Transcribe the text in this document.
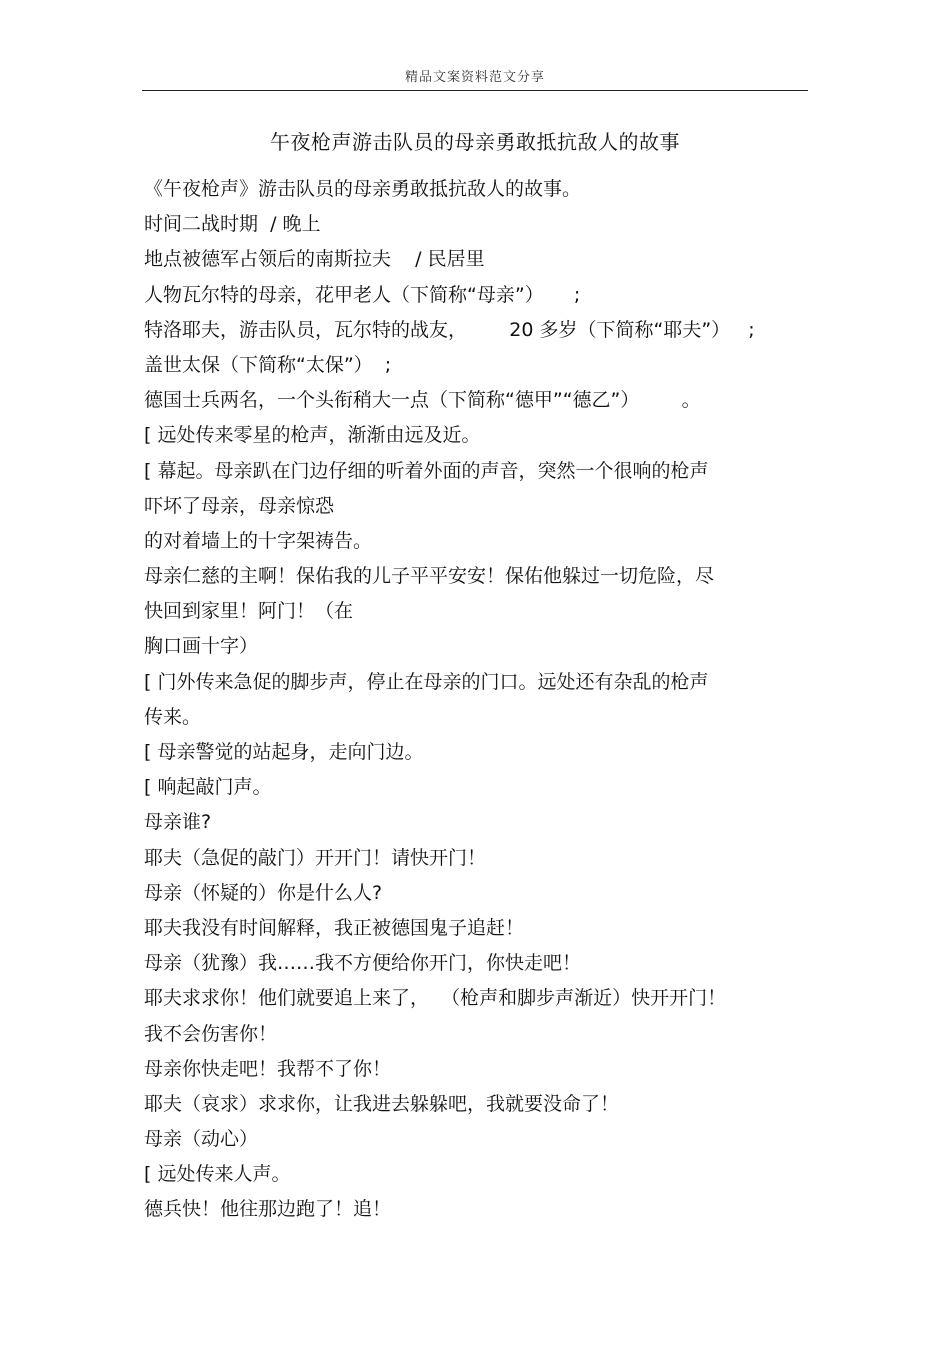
精品文案资料范文分享
午夜枪声游击队员的母亲勇敢抵抗敌人的故事
《午夜枪声》游击队员的母亲勇敢抵抗敌人的故事。
时间二战时期  / 晚上
地点被德军占领后的南斯拉夫    / 民居里
人物瓦尔特的母亲，花甲老人（下简称“母亲”）     ;
特洛耶夫，游击队员，瓦尔特的战友，       20 多岁（下简称“耶夫”）   ;
盖世太保（下简称“太保”）  ;
德国士兵两名，一个头衔稍大一点（下简称“德甲”“德乙”）       。
[ 远处传来零星的枪声，渐渐由远及近。
[ 幕起。母亲趴在门边仔细的听着外面的声音，突然一个很响的枪声
吓坏了母亲，母亲惊恐
的对着墙上的十字架祷告。
母亲仁慈的主啊！保佑我的儿子平平安安！保佑他躲过一切危险，尽
快回到家里！阿门！（在
胸口画十字）
[ 门外传来急促的脚步声，停止在母亲的门口。远处还有杂乱的枪声
传来。
[ 母亲警觉的站起身，走向门边。
[ 响起敲门声。
母亲谁?
耶夫（急促的敲门）开开门！请快开门！
母亲（怀疑的）你是什么人?
耶夫我没有时间解释，我正被德国鬼子追赶！
母亲（犹豫）我……我不方便给你开门，你快走吧！
耶夫求求你！他们就要追上来了，  （枪声和脚步声渐近）快开开门！
我不会伤害你！
母亲你快走吧！我帮不了你！
耶夫（哀求）求求你，让我进去躲躲吧，我就要没命了！
母亲（动心）
[ 远处传来人声。
德兵快！他往那边跑了！追！
